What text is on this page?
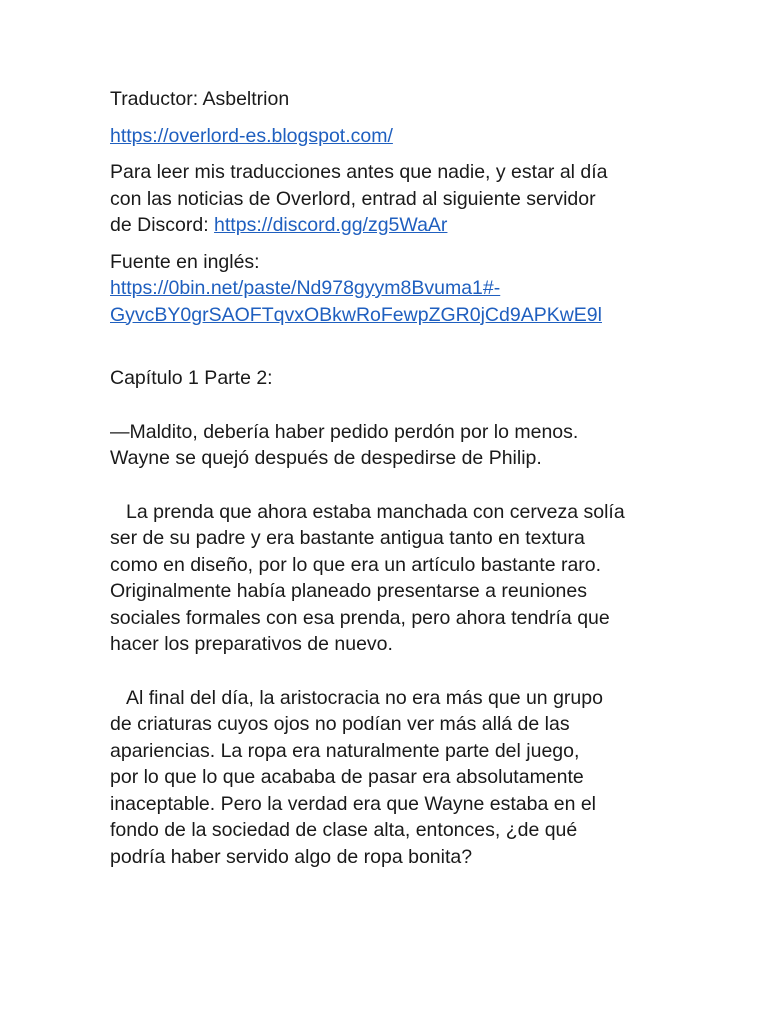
Traductor: Asbeltrion

https://overlord-es.blogspot.com/

Para leer mis traducciones antes que nadie, y estar al día
con las noticias de Overlord, entrad al siguiente servidor
de Discord: https://discord.gg/zg5WaAr

Fuente en inglés:
https://0bin.net/paste/Nd978gyym8Bvuma1#-
GyvcBY0grSAOFTqvxOBkwRoFewpZGR0jCd9APKwE9l

Capítulo 1 Parte 2:

—Maldito, debería haber pedido perdón por lo menos.
Wayne se quejó después de despedirse de Philip.

La prenda que ahora estaba manchada con cerveza solía
ser de su padre y era bastante antigua tanto en textura
como en diseño, por lo que era un artículo bastante raro.
Originalmente había planeado presentarse a reuniones
sociales formales con esa prenda, pero ahora tendría que
hacer los preparativos de nuevo.

Al final del día, la aristocracia no era más que un grupo
de criaturas cuyos ojos no podían ver más allá de las
apariencias. La ropa era naturalmente parte del juego,
por lo que lo que acababa de pasar era absolutamente
inaceptable. Pero la verdad era que Wayne estaba en el
fondo de la sociedad de clase alta, entonces, ¿de qué
podría haber servido algo de ropa bonita?
